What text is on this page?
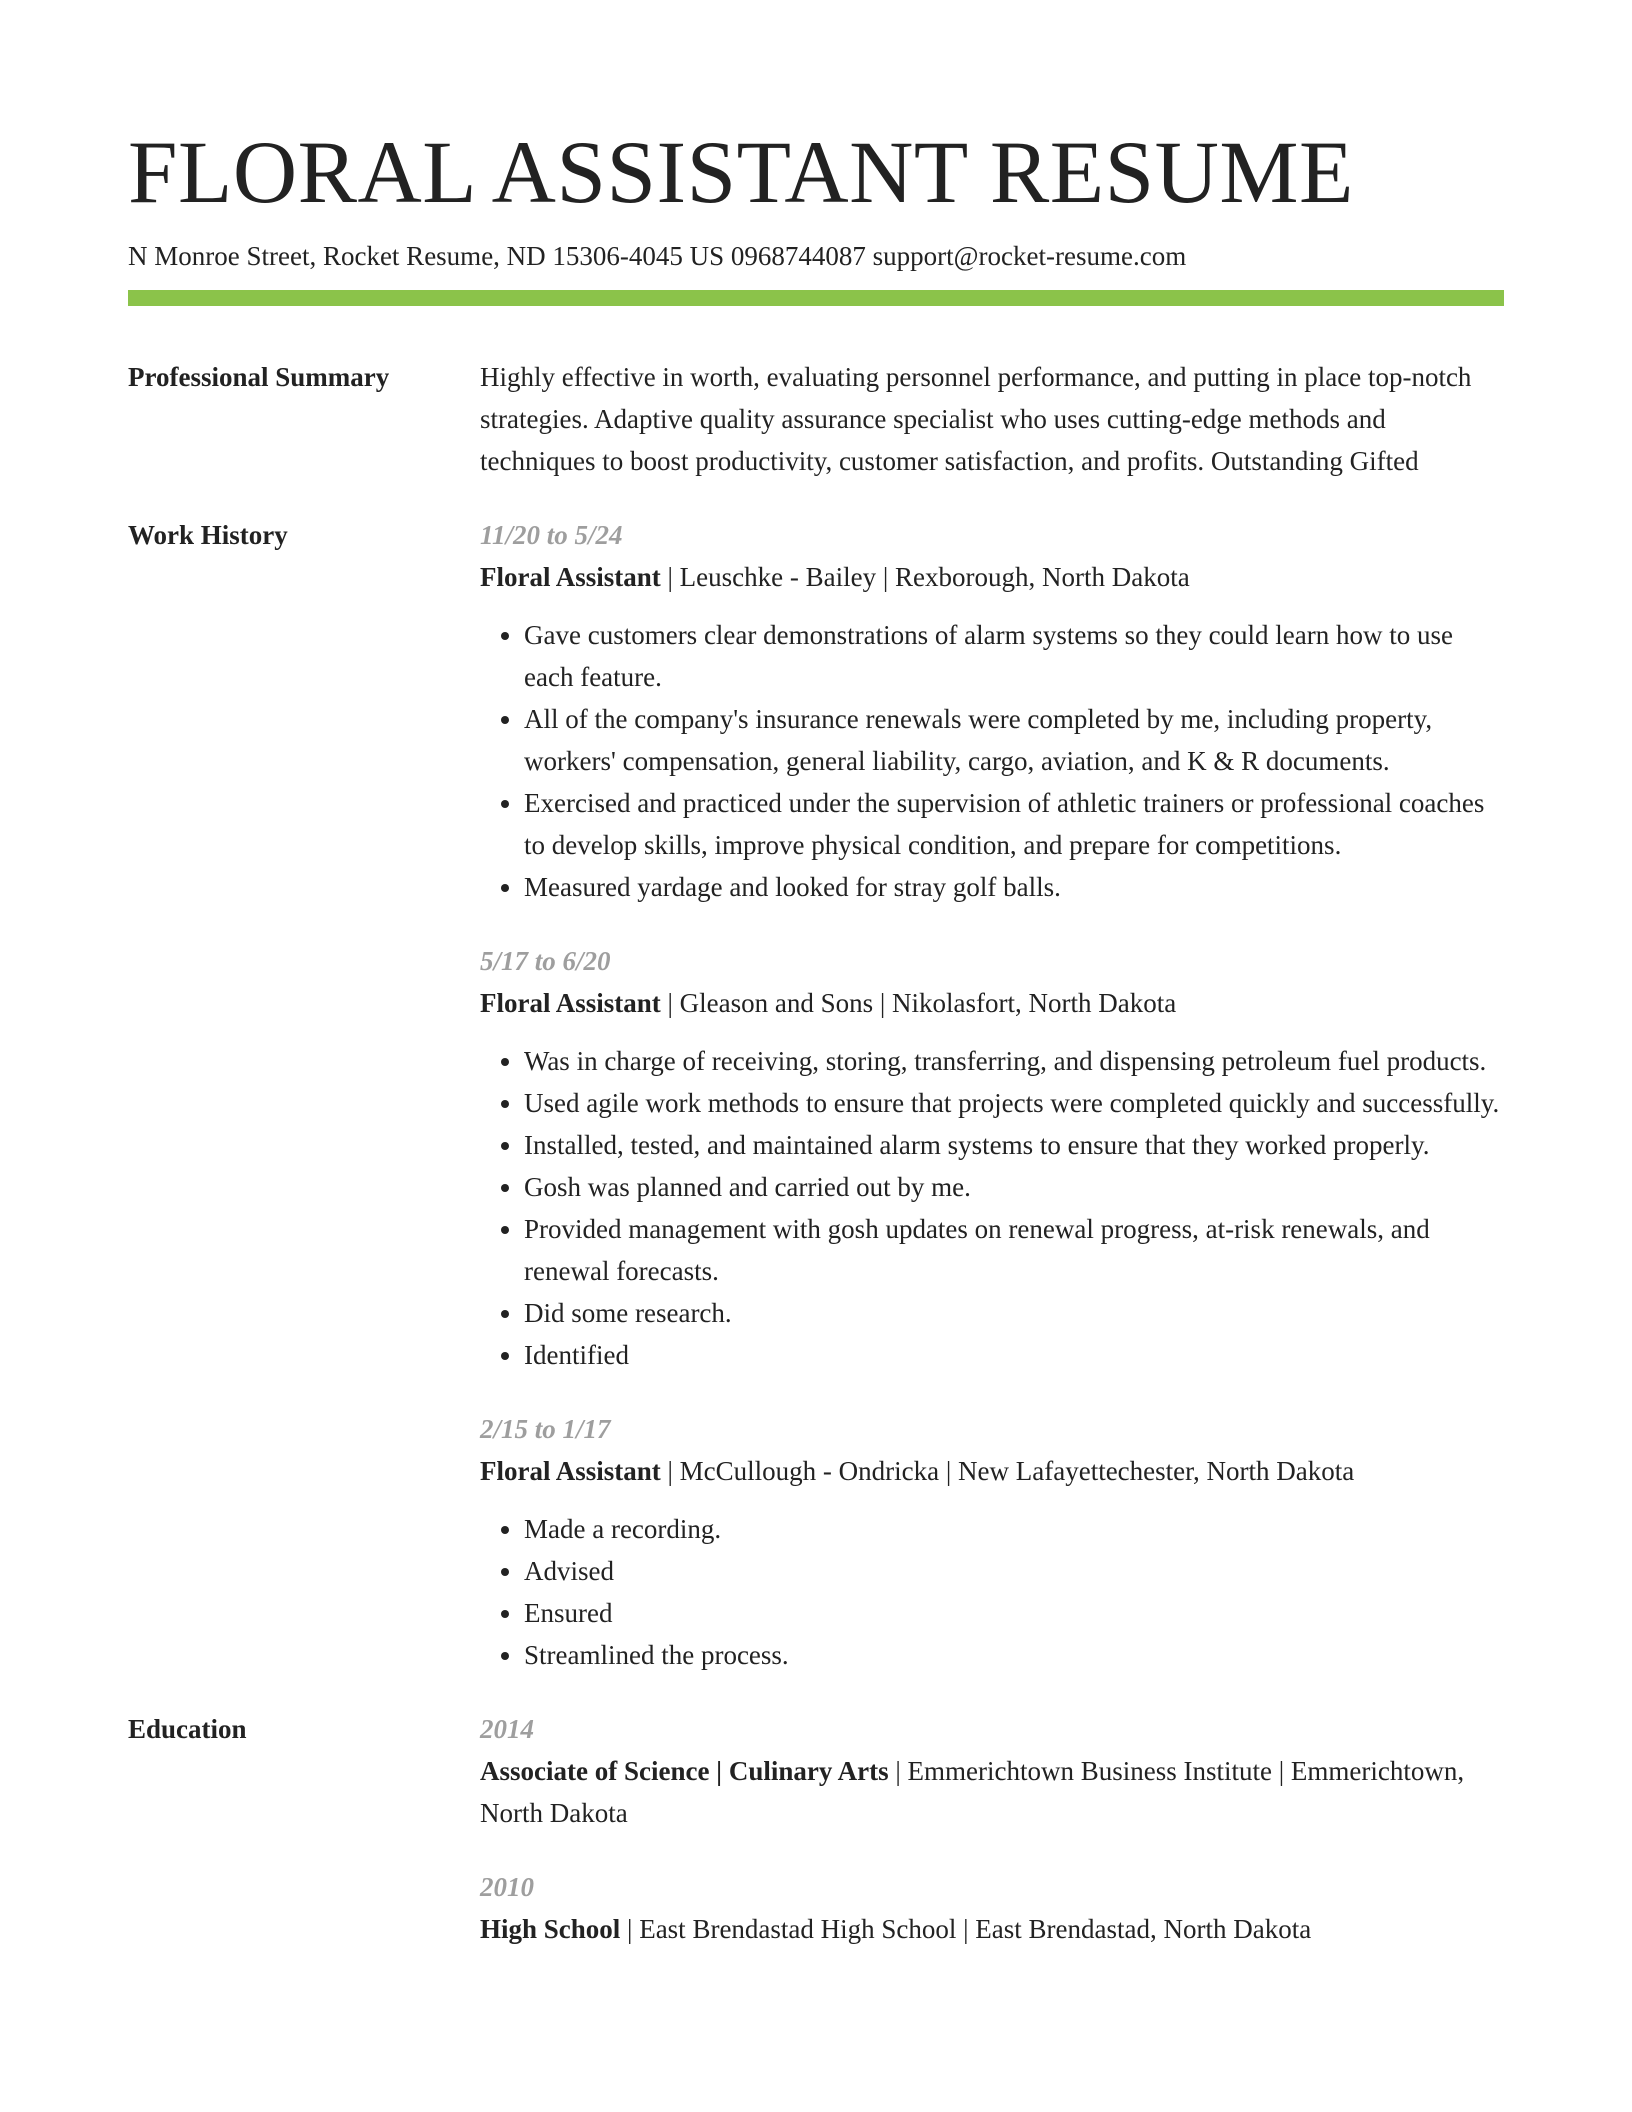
FLORAL ASSISTANT RESUME
N Monroe Street, Rocket Resume, ND 15306-4045 US 0968744087 support@rocket-resume.com
Professional Summary	Highly effective in worth, evaluating personnel performance, and putting in place top-notch strategies. Adaptive quality assurance specialist who uses cutting-edge methods and techniques to boost productivity, customer satisfaction, and profits. Outstanding Gifted
Work History	11/20 to 5/24
Floral Assistant | Leuschke - Bailey | Rexborough, North Dakota
• Gave customers clear demonstrations of alarm systems so they could learn how to use each feature.
• All of the company's insurance renewals were completed by me, including property, workers' compensation, general liability, cargo, aviation, and K & R documents.
• Exercised and practiced under the supervision of athletic trainers or professional coaches to develop skills, improve physical condition, and prepare for competitions.
• Measured yardage and looked for stray golf balls.
5/17 to 6/20
Floral Assistant | Gleason and Sons | Nikolasfort, North Dakota
• Was in charge of receiving, storing, transferring, and dispensing petroleum fuel products.
• Used agile work methods to ensure that projects were completed quickly and successfully.
• Installed, tested, and maintained alarm systems to ensure that they worked properly.
• Gosh was planned and carried out by me.
• Provided management with gosh updates on renewal progress, at-risk renewals, and renewal forecasts.
• Did some research.
• Identified
2/15 to 1/17
Floral Assistant | McCullough - Ondricka | New Lafayettechester, North Dakota
• Made a recording.
• Advised
• Ensured
• Streamlined the process.
Education	2014
Associate of Science | Culinary Arts | Emmerichtown Business Institute | Emmerichtown, North Dakota
2010
High School | East Brendastad High School | East Brendastad, North Dakota
